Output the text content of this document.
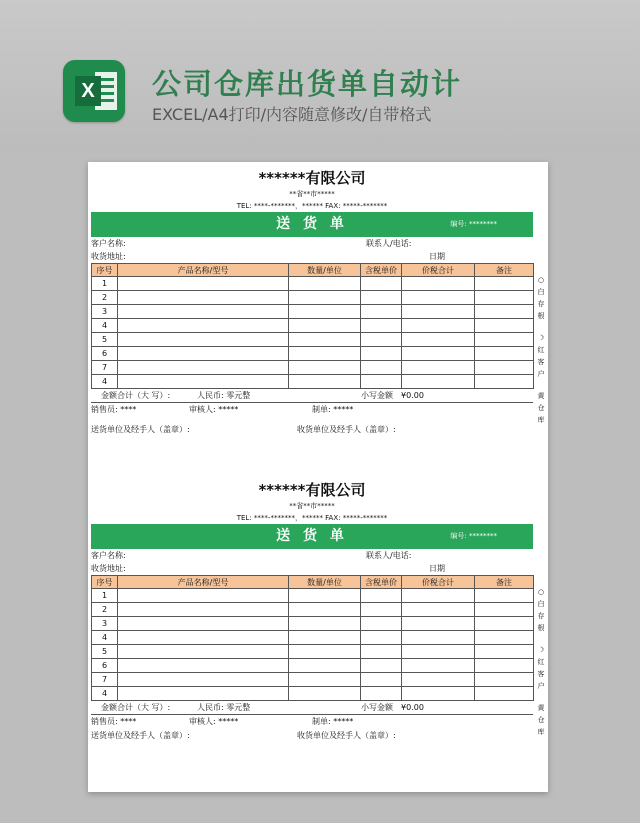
X 公司仓库出货单自动计
EXCEL/A4打印/内容随意修改/自带格式
******有限公司
**省**市*****
TEL: ****-*******，****** FAX: *****-*******
送 货 单	编号: ********
客户名称:	联系人/电话:
收货地址:	日期
序号	产品名称/型号	数量/单位	含税单价	价税合计	备注
1					
2					
3					
4					
5					
6					
7					
4					
金额合计（大 写）:	人民币: 零元整	小写金额 ¥0.00
销售员: ****	审核人: *****	制单: *****
送货单位及经手人（盖章）:	收货单位及经手人（盖章）:
○
白
存
根
☽
红
客
户
黄
仓
库
******有限公司
**省**市*****
TEL: ****-*******，****** FAX: *****-*******
送 货 单	编号: ********
客户名称:	联系人/电话:
收货地址:	日期
序号	产品名称/型号	数量/单位	含税单价	价税合计	备注
1					
2					
3					
4					
5					
6					
7					
4					
金额合计（大 写）:	人民币: 零元整	小写金额 ¥0.00
销售员: ****	审核人: *****	制单: *****
送货单位及经手人（盖章）:	收货单位及经手人（盖章）:
○
白
存
根
☽
红
客
户
黄
仓
库
